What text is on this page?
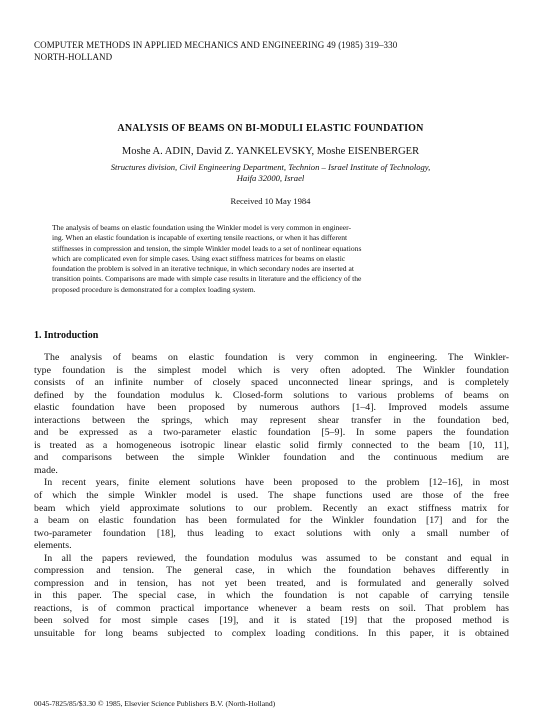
COMPUTER METHODS IN APPLIED MECHANICS AND ENGINEERING 49 (1985) 319–330
NORTH-HOLLAND
ANALYSIS OF BEAMS ON BI-MODULI ELASTIC FOUNDATION
Moshe A. ADIN, David Z. YANKELEVSKY, Moshe EISENBERGER
Structures division, Civil Engineering Department, Technion – Israel Institute of Technology,
Haifa 32000, Israel
Received 10 May 1984
The analysis of beams on elastic foundation using the Winkler model is very common in engineer-
ing. When an elastic foundation is incapable of exerting tensile reactions, or when it has different
stiffnesses in compression and tension, the simple Winkler model leads to a set of nonlinear equations
which are complicated even for simple cases. Using exact stiffness matrices for beams on elastic
foundation the problem is solved in an iterative technique, in which secondary nodes are inserted at
transition points. Comparisons are made with simple case results in literature and the efficiency of the
proposed procedure is demonstrated for a complex loading system.
1. Introduction
The analysis of beams on elastic foundation is very common in engineering. The Winkler-
type foundation is the simplest model which is very often adopted. The Winkler foundation
consists of an infinite number of closely spaced unconnected linear springs, and is completely
defined by the foundation modulus k. Closed-form solutions to various problems of beams on
elastic foundation have been proposed by numerous authors [1–4]. Improved models assume
interactions between the springs, which may represent shear transfer in the foundation bed,
and be expressed as a two-parameter elastic foundation [5–9]. In some papers the foundation
is treated as a homogeneous isotropic linear elastic solid firmly connected to the beam [10, 11],
and comparisons between the simple Winkler foundation and the continuous medium are
made.
In recent years, finite element solutions have been proposed to the problem [12–16], in most
of which the simple Winkler model is used. The shape functions used are those of the free
beam which yield approximate solutions to our problem. Recently an exact stiffness matrix for
a beam on elastic foundation has been formulated for the Winkler foundation [17] and for the
two-parameter foundation [18], thus leading to exact solutions with only a small number of
elements.
In all the papers reviewed, the foundation modulus was assumed to be constant and equal in
compression and tension. The general case, in which the foundation behaves differently in
compression and in tension, has not yet been treated, and is formulated and generally solved
in this paper. The special case, in which the foundation is not capable of carrying tensile
reactions, is of common practical importance whenever a beam rests on soil. That problem has
been solved for most simple cases [19], and it is stated [19] that the proposed method is
unsuitable for long beams subjected to complex loading conditions. In this paper, it is obtained
0045-7825/85/$3.30 © 1985, Elsevier Science Publishers B.V. (North-Holland)
